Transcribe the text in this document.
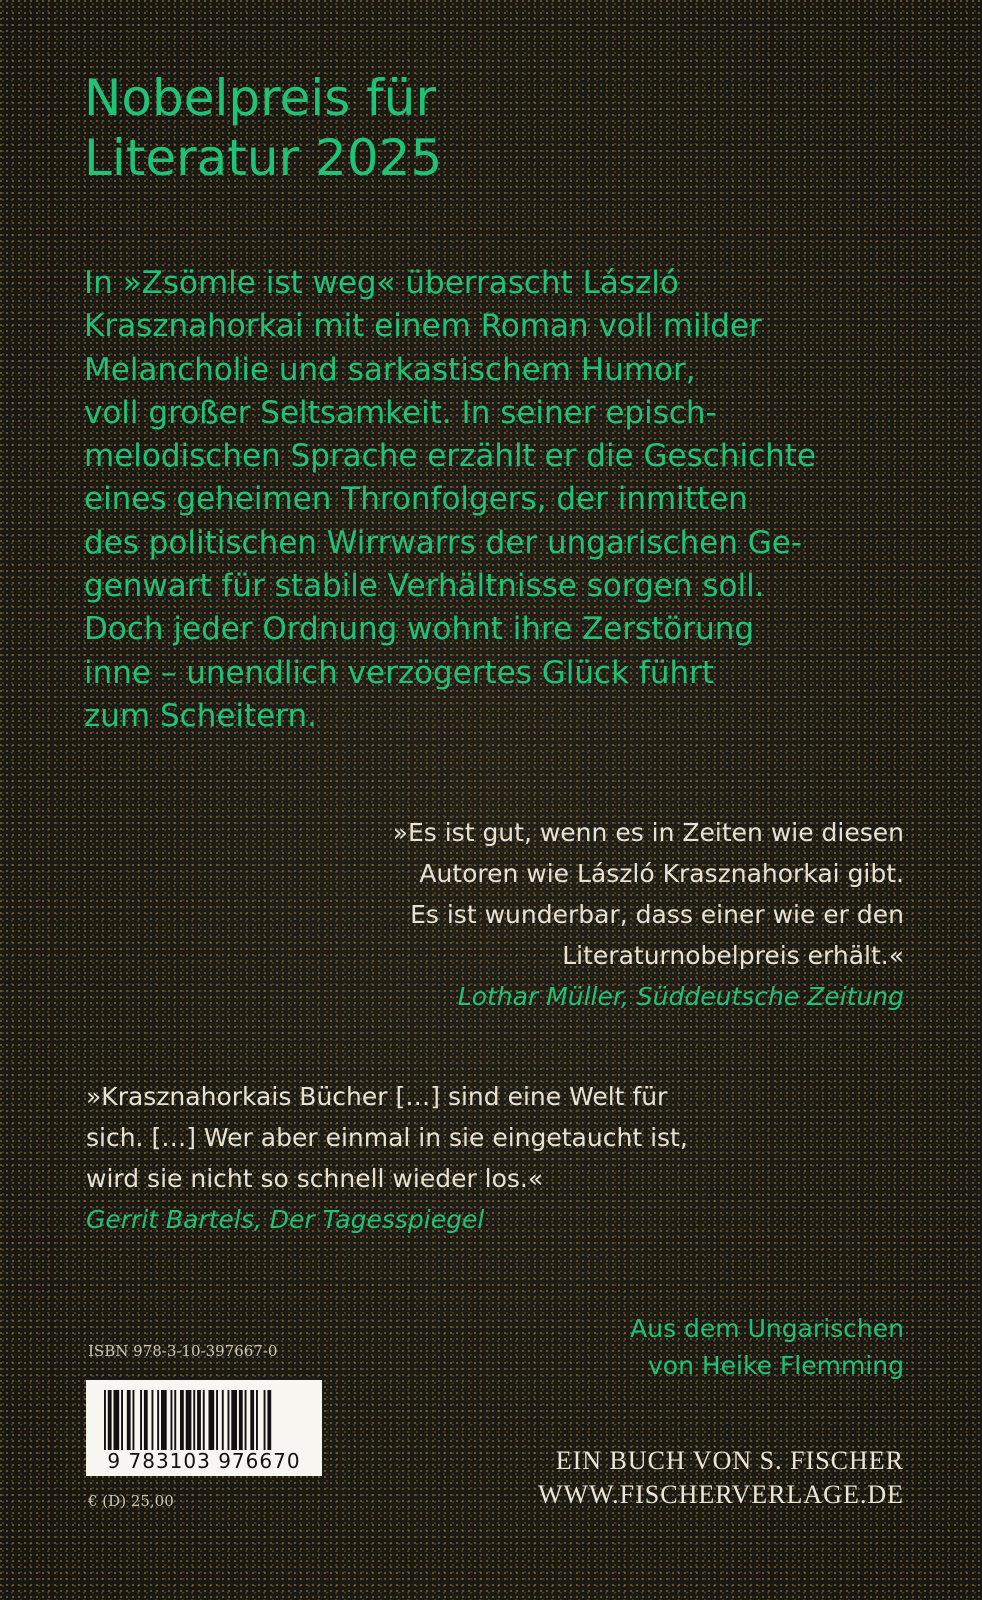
Nobelpreis für
Literatur 2025

In »Zsömle ist weg« überrascht László
Krasznahorkai mit einem Roman voll milder
Melancholie und sarkastischem Humor,
voll großer Seltsamkeit. In seiner episch-
melodischen Sprache erzählt er die Geschichte
eines geheimen Thronfolgers, der inmitten
des politischen Wirrwarrs der ungarischen Ge-
genwart für stabile Verhältnisse sorgen soll.
Doch jeder Ordnung wohnt ihre Zerstörung
inne – unendlich verzögertes Glück führt
zum Scheitern.

»Es ist gut, wenn es in Zeiten wie diesen
Autoren wie László Krasznahorkai gibt.
Es ist wunderbar, dass einer wie er den
Literaturnobelpreis erhält.«
Lothar Müller, Süddeutsche Zeitung
»Krasznahorkais Bücher […] sind eine Welt für
sich. […] Wer aber einmal in sie eingetaucht ist,
wird sie nicht so schnell wieder los.«
Gerrit Bartels, Der Tagesspiegel
ISBN 978-3-10-397667-0
9 783103 976670
€ (D) 25,00
Aus dem Ungarischen
von Heike Flemming
EIN BUCH VON S. FISCHER
WWW.FISCHERVERLAGE.DE
